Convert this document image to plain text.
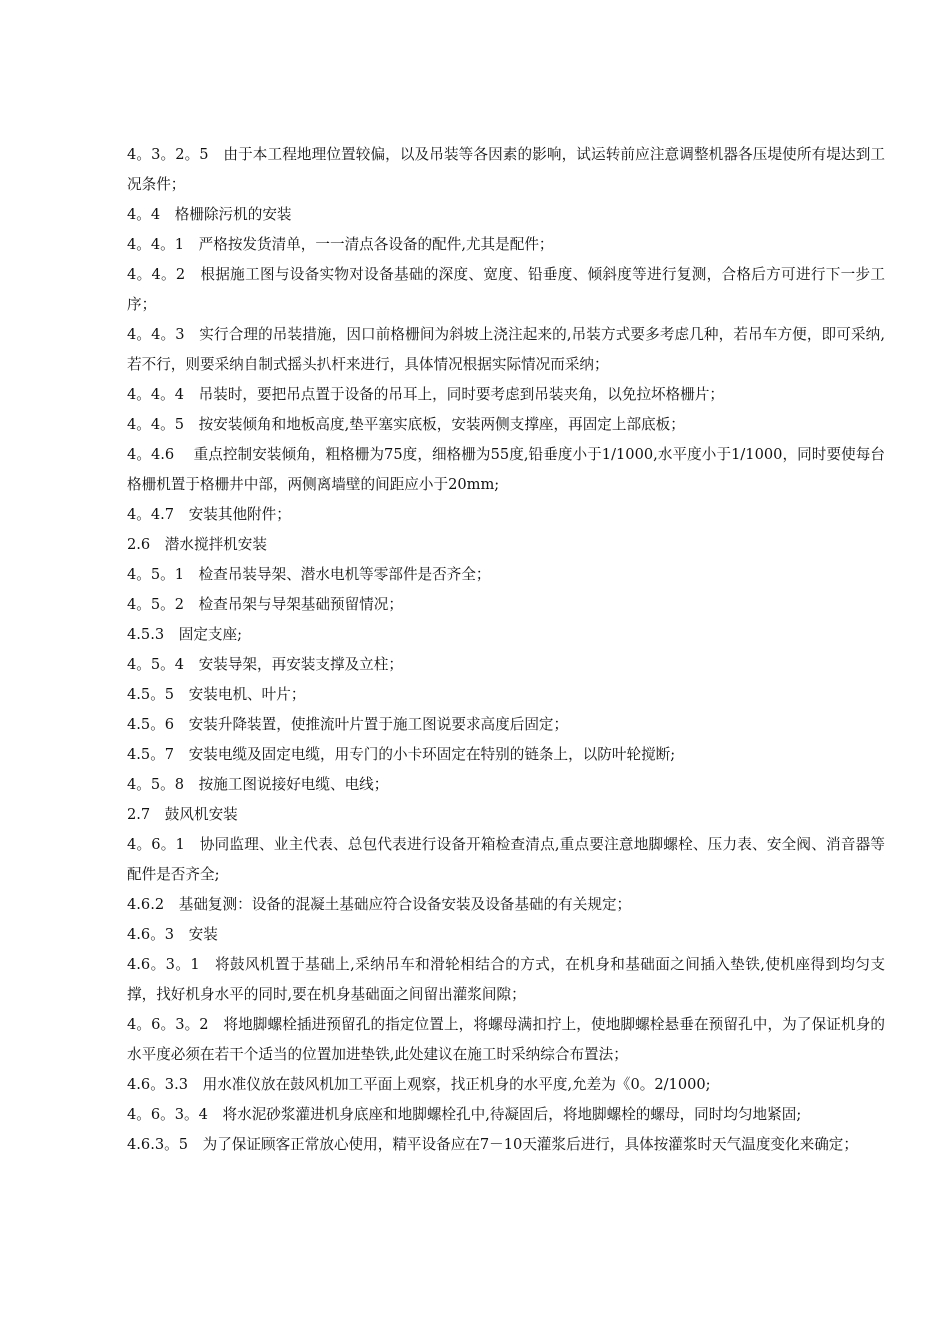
4。3。2。5　由于本工程地理位置较偏，以及吊装等各因素的影响，试运转前应注意调整机器各压堤使所有堤达到工况条件；

4。4　格栅除污机的安装

4。4。1　严格按发货清单，一一清点各设备的配件,尤其是配件；

4。4。2　根据施工图与设备实物对设备基础的深度、宽度、铅垂度、倾斜度等进行复测，合格后方可进行下一步工序；

4。4。3　实行合理的吊装措施，因口前格栅间为斜坡上浇注起来的,吊装方式要多考虑几种，若吊车方便，即可采纳,若不行，则要采纳自制式摇头扒杆来进行，具体情况根据实际情况而采纳；

4。4。4　吊装时，要把吊点置于设备的吊耳上，同时要考虑到吊装夹角，以免拉坏格栅片；

4。4。5　按安装倾角和地板高度,垫平塞实底板，安装两侧支撑座，再固定上部底板；

4。4.6　 重点控制安装倾角，粗格栅为75度，细格栅为55度,铅垂度小于1/1000,水平度小于1/1000，同时要使每台格栅机置于格栅井中部，两侧离墙壁的间距应小于20mm;

4。4.7　安装其他附件；

2.6　潜水搅拌机安装

4。5。1　检查吊装导架、潜水电机等零部件是否齐全；

4。5。2　检查吊架与导架基础预留情况；

4.5.3　固定支座;

4。5。4　安装导架，再安装支撑及立柱；

4.5。5　安装电机、叶片；

4.5。6　安装升降装置，使推流叶片置于施工图说要求高度后固定；

4.5。7　安装电缆及固定电缆，用专门的小卡环固定在特别的链条上，以防叶轮搅断;

4。5。8　按施工图说接好电缆、电线；

2.7　鼓风机安装

4。6。1　协同监理、业主代表、总包代表进行设备开箱检查清点,重点要注意地脚螺栓、压力表、安全阀、消音器等配件是否齐全;

4.6.2　基础复测：设备的混凝土基础应符合设备安装及设备基础的有关规定；

4.6。3　安装

4.6。3。1　将鼓风机置于基础上,采纳吊车和滑轮相结合的方式，在机身和基础面之间插入垫铁,使机座得到均匀支撑，找好机身水平的同时,要在机身基础面之间留出灌浆间隙；

4。6。3。2　将地脚螺栓插进预留孔的指定位置上，将螺母满扣拧上，使地脚螺栓悬垂在预留孔中，为了保证机身的水平度必须在若干个适当的位置加进垫铁,此处建议在施工时采纳综合布置法；

4.6。3.3　用水准仪放在鼓风机加工平面上观察，找正机身的水平度,允差为《0。2/1000;

4。6。3。4　将水泥砂浆灌进机身底座和地脚螺栓孔中,待凝固后，将地脚螺栓的螺母，同时均匀地紧固;

4.6.3。5　为了保证顾客正常放心使用，精平设备应在7－10天灌浆后进行，具体按灌浆时天气温度变化来确定；
